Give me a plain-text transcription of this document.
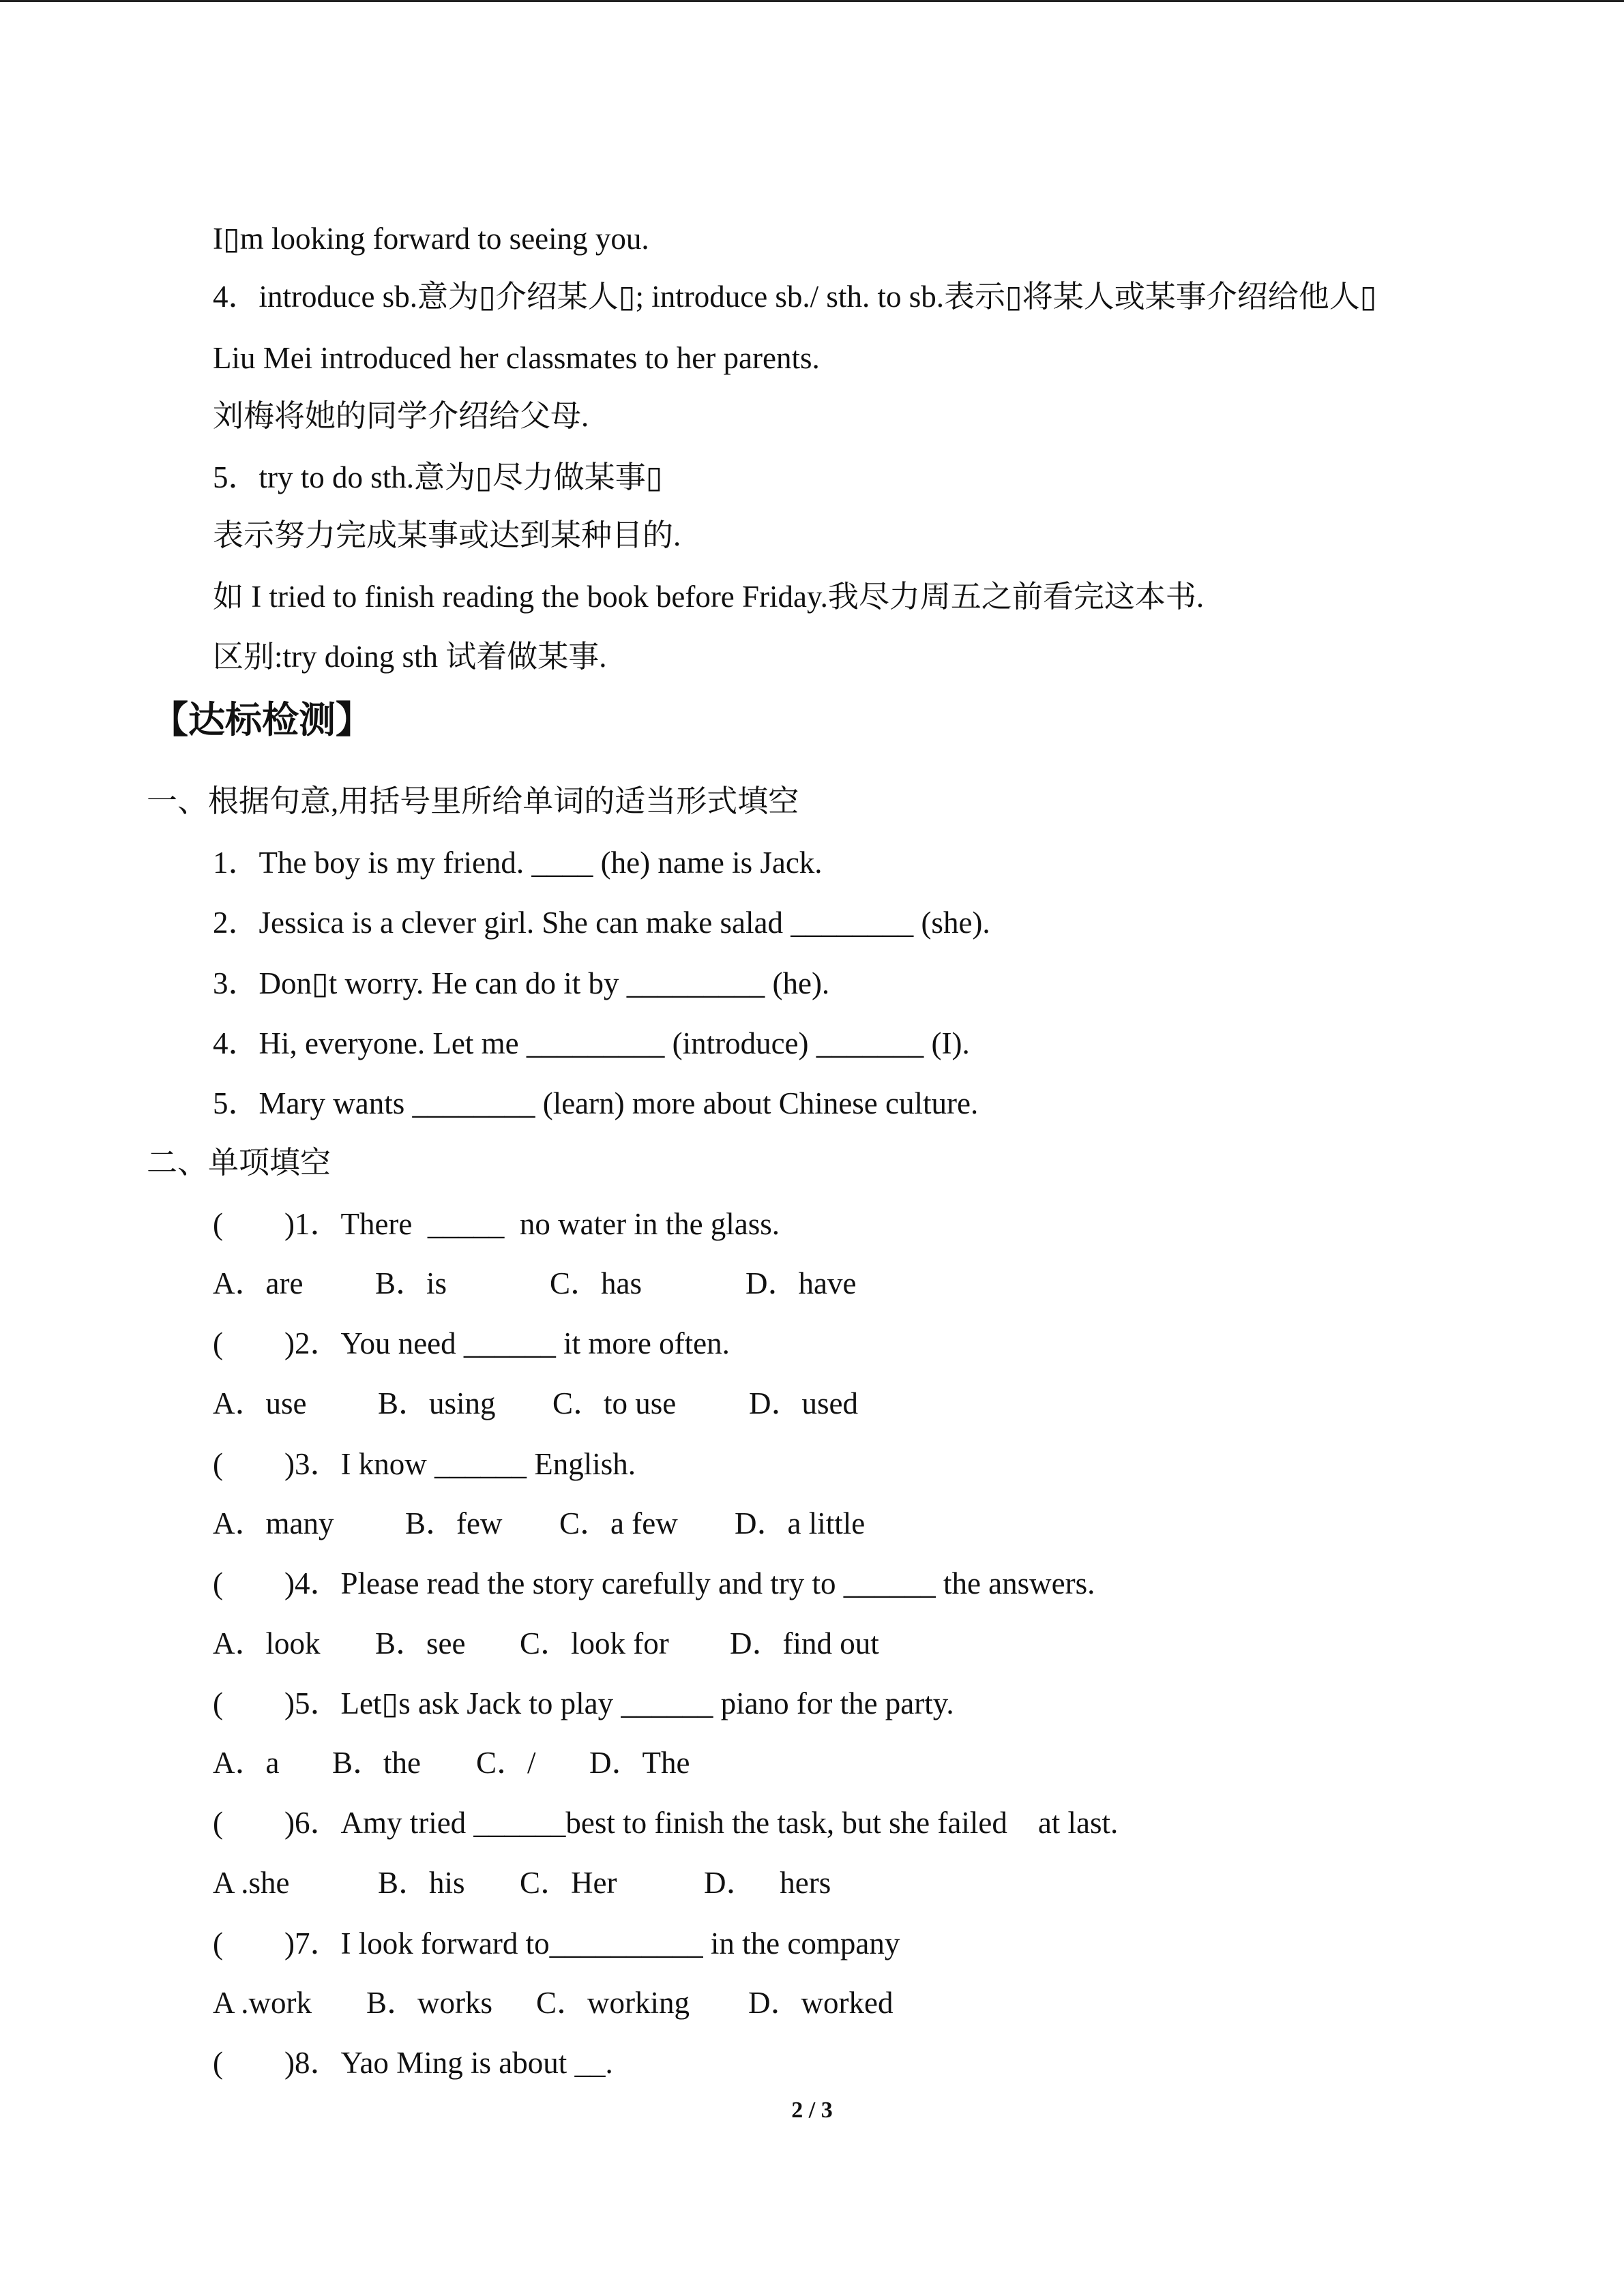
I▯m looking forward to seeing you.
4．introduce sb.意为▯介绍某人▯; introduce sb./ sth. to sb.表示▯将某人或某事介绍给他人▯
Liu Mei introduced her classmates to her parents.
刘梅将她的同学介绍给父母.
5．try to do sth.意为▯尽力做某事▯
表示努力完成某事或达到某种目的.
如 I tried to finish reading the book before Friday.我尽力周五之前看完这本书.
区别:try doing sth 试着做某事.
【达标检测】
一、根据句意,用括号里所给单词的适当形式填空
1．The boy is my friend. ____ (he) name is Jack.
2．Jessica is a clever girl. She can make salad ________ (she).
3．Don▯t worry. He can do it by _________ (he).
4．Hi, everyone. Let me _________ (introduce) _______ (I).
5．Mary wants ________ (learn) more about Chinese culture.
二、单项填空
(        )1．There  _____  no water in the glass.

A．are

B．is

	C．has

	D．have

(        )2．You need ______ it more often.

A．use

B．using

C．to use

D．used

(        )3．I know ______ English.

A．many

B．few

C．a few

D．a little

(        )4．Please read the story carefully and try to ______ the answers.

A．look

B．see

C．look for

D．find out

(        )5．Let▯s ask Jack to play ______ piano for the party.

A．a

B．the

C．/

D．The

(        )6．Amy tried ______best to finish the task, but she failed    at last.

A .she

	B．his

C．Her

	D．   hers

(        )7．I look forward to__________ in the company

A .work

B．works

C．working

D．worked

(        )8．Yao Ming is about __.
2 / 3
